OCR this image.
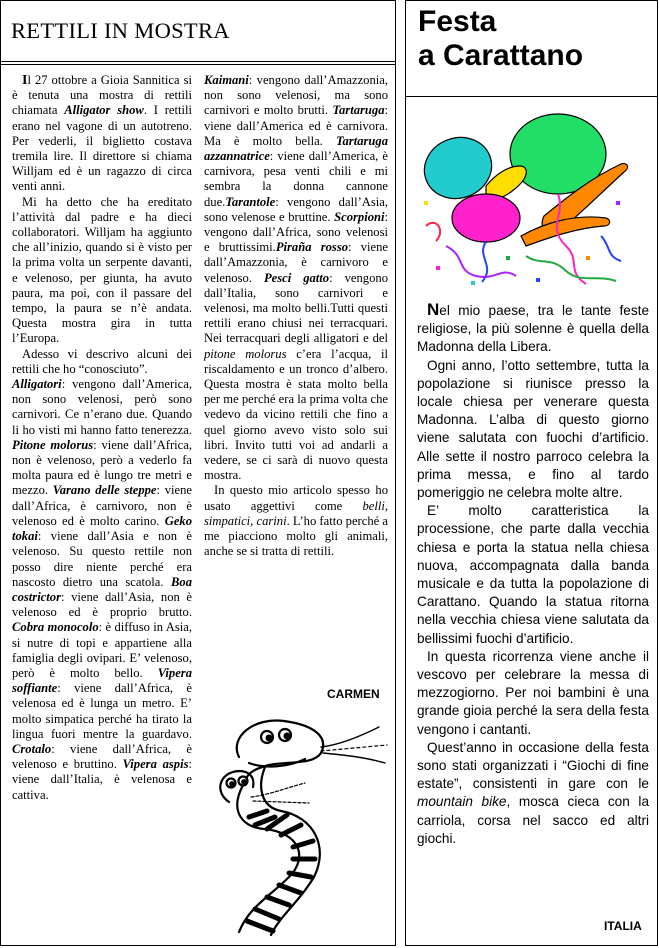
RETTILI IN MOSTRA

Il 27 ottobre a Gioia Sannitica si è tenuta una mostra di rettili chiamata Alligator show. I rettili erano nel vagone di un autotreno. Per vederli, il biglietto costava tremila lire. Il direttore si chiama Willjam ed è un ragazzo di circa venti anni.

Mi ha detto che ha ereditato l’attività dal padre e ha dieci collaboratori. Willjam ha aggiunto che all’inizio, quando si è visto per la prima volta un serpente davanti, e velenoso, per giunta, ha avuto paura, ma poi, con il passare del tempo, la paura se n’è andata. Questa mostra gira in tutta l’Europa.

Adesso vi descrivo alcuni dei rettili che ho “conosciuto”.

Alligatori: vengono dall’America, non sono velenosi, però sono carnivori. Ce n’erano due. Quando li ho visti mi hanno fatto tenerezza. Pitone molorus: viene dall’Africa, non è velenoso, però a vederlo fa molta paura ed è lungo tre metri e mezzo. Varano delle steppe: viene dall’Africa, è carnivoro, non è velenoso ed è molto carino. Geko tokai: viene dall’Asia e non è velenoso. Su questo rettile non posso dire niente perché era nascosto dietro una scatola. Boa costrictor: viene dall’Asia, non è velenoso ed è proprio brutto. Cobra monocolo: è diffuso in Asia, si nutre di topi e appartiene alla famiglia degli ovipari. E’ velenoso, però è molto bello. Vipera soffiante: viene dall’Africa, è velenosa ed è lunga un metro. E’ molto simpatica perché ha tirato la lingua fuori mentre la guardavo. Crotalo: viene dall’Africa, è velenoso e bruttino. Vipera aspis: viene dall’Italia, è velenosa e cattiva.

Kaimani: vengono dall’Amazzonia, non sono velenosi, ma sono carnivori e molto brutti. Tartaruga: viene dall’America ed è carnivora. Ma è molto bella. Tartaruga azzannatrice: viene dall’America, è carnivora, pesa venti chili e mi sembra la donna cannone due.Tarantole: vengono dall’Asia, sono velenose e bruttine. Scorpioni: vengono dall’Africa, sono velenosi e bruttissimi.Piraña rosso: viene dall’Amazzonia, è carnivoro e velenoso. Pesci gatto: vengono dall’Italia, sono carnivori e velenosi, ma molto belli.Tutti questi rettili erano chiusi nei terracquari. Nei terracquari degli alligatori e del pitone molorus c’era l’acqua, il riscaldamento e un tronco d’albero. Questa mostra è stata molto bella per me perché era la prima volta che vedevo da vicino rettili che fino a quel giorno avevo visto solo sui libri. Invito tutti voi ad andarli a vedere, se ci sarà di nuovo questa mostra.

In questo mio articolo spesso ho usato aggettivi come belli, simpatici, carini. L’ho fatto perché a me piacciono molto gli animali, anche se si tratta di rettili.

CARMEN
Festa
a Carattano

Nel mio paese, tra le tante feste religiose, la più solenne è quella della Madonna della Libera.

Ogni anno, l’otto settembre, tutta la popolazione si riunisce presso la locale chiesa per venerare questa Madonna. L’alba di questo giorno viene salutata con fuochi d’artificio. Alle sette il nostro parroco celebra la prima messa, e fino al tardo pomeriggio ne celebra molte altre.

E’ molto caratteristica la processione, che parte dalla vecchia chiesa e porta la statua nella chiesa nuova, accompagnata dalla banda musicale e da tutta la popolazione di Carattano. Quando la statua ritorna nella vecchia chiesa viene salutata da bellissimi fuochi d’artificio.

In questa ricorrenza viene anche il vescovo per celebrare la messa di mezzogiorno. Per noi bambini è una grande gioia perché la sera della festa vengono i cantanti.

Quest’anno in occasione della festa sono stati organizzati i “Giochi di fine estate”, consistenti in gare con le mountain bike, mosca cieca con la carriola, corsa nel sacco ed altri giochi.

ITALIA
